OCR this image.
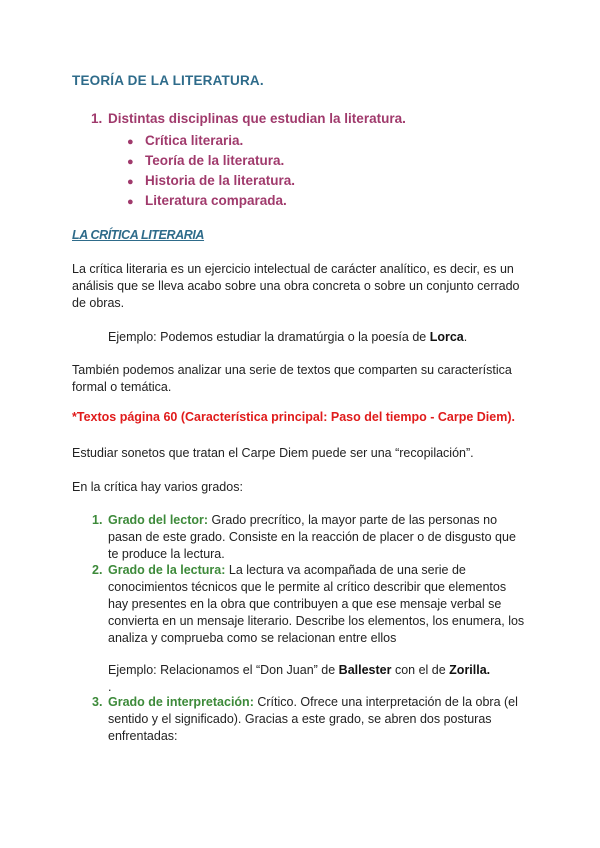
TEORÍA DE LA LITERATURA.
1. Distintas disciplinas que estudian la literatura.
● Crítica literaria.
● Teoría de la literatura.
● Historia de la literatura.
● Literatura comparada.
LA CRÍTICA LITERARIA
La crítica literaria es un ejercicio intelectual de carácter analítico, es decir, es un análisis que se lleva acabo sobre una obra concreta o sobre un conjunto cerrado de obras.
Ejemplo: Podemos estudiar la dramatúrgia o la poesía de Lorca.
También podemos analizar una serie de textos que comparten su característica formal o temática.
*Textos página 60 (Característica principal: Paso del tiempo - Carpe Diem).
Estudiar sonetos que tratan el Carpe Diem puede ser una “recopilación”.
En la crítica hay varios grados:
1. Grado del lector: Grado precrítico, la mayor parte de las personas no pasan de este grado. Consiste en la reacción de placer o de disgusto que te produce la lectura.
2. Grado de la lectura: La lectura va acompañada de una serie de conocimientos técnicos que le permite al crítico describir que elementos hay presentes en la obra que contribuyen a que ese mensaje verbal se convierta en un mensaje literario. Describe los elementos, los enumera, los analiza y comprueba como se relacionan entre ellos
Ejemplo: Relacionamos el “Don Juan” de Ballester con el de Zorilla.
.
3. Grado de interpretación: Crítico. Ofrece una interpretación de la obra (el sentido y el significado). Gracias a este grado, se abren dos posturas enfrentadas:
